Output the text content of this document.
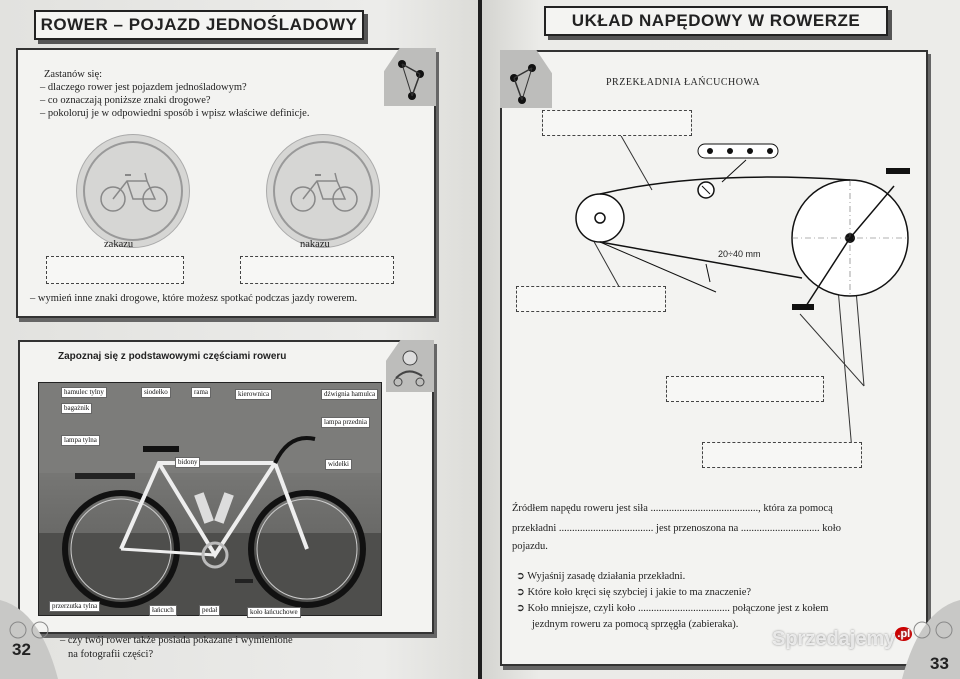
ROWER – POJAZD JEDNOŚLADOWY
Zastanów się:
– dlaczego rower jest pojazdem jednośladowym?
– co oznaczają poniższe znaki drogowe?
– pokoloruj je w odpowiedni sposób i wpisz właściwe definicje.
zakazu	nakazu
– wymień inne znaki drogowe, które możesz spotkać podczas jazdy rowerem.
Zapoznaj się z podstawowymi częściami roweru
hamulec tylny	siodełko	rama	kierownica	dźwignia hamulca
bagażnik
lampa przednia
lampa tylna
bidony	widełki
przerzutka tylna	łańcuch	pedał	koło łańcuchowe
– czy twój rower także posiada pokazane i wymienione
na fotografii części?
32
UKŁAD NAPĘDOWY W ROWERZE
PRZEKŁADNIA ŁAŃCUCHOWA
20÷40 mm
Źródłem napędu roweru jest siła ........................................., która za pomocą
przekładni .................................... jest przenoszona na .............................. koło
pojazdu.
➲ Wyjaśnij zasadę działania przekładni.
➲ Które koło kręci się szybciej i jakie to ma znaczenie?
➲ Koło mniejsze, czyli koło ................................... połączone jest z kołem
jezdnym roweru za pomocą sprzęgła (zabieraka).
Sprzedajemy $^{.pl}$
33
